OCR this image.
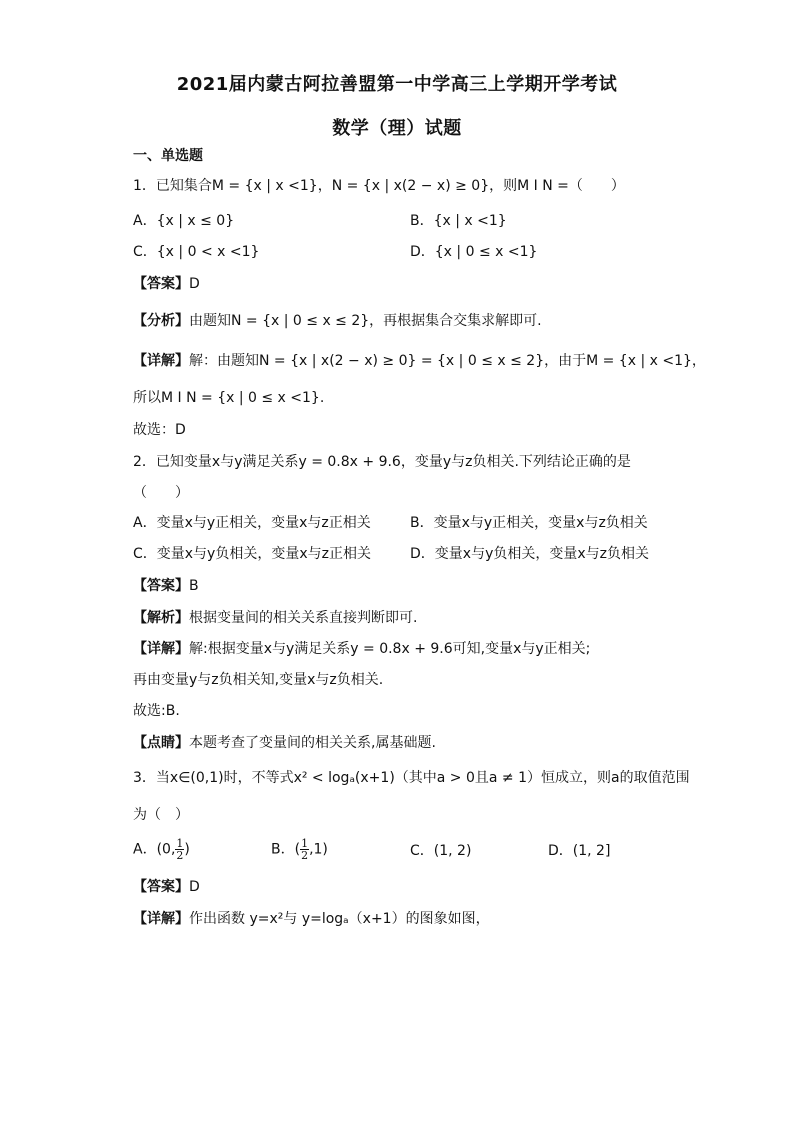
2021届内蒙古阿拉善盟第一中学高三上学期开学考试
数学（理）试题
一、单选题
1．已知集合M = {x | x <1}，N = {x | x(2 − x) ≥ 0}，则M I N =（　　）
A．{x | x ≤ 0}	B．{x | x <1}
C．{x | 0 < x <1}	D．{x | 0 ≤ x <1}
【答案】D
【分析】由题知N = {x | 0 ≤ x ≤ 2}，再根据集合交集求解即可.
【详解】解：由题知N = {x | x(2 − x) ≥ 0} = {x | 0 ≤ x ≤ 2}，由于M = {x | x <1}，
所以M I N = {x | 0 ≤ x <1}.
故选：D
2．已知变量x与y满足关系y = 0.8x + 9.6，变量y与z负相关.下列结论正确的是
（　　）
A．变量x与y正相关，变量x与z正相关	B．变量x与y正相关，变量x与z负相关
C．变量x与y负相关，变量x与z正相关	D．变量x与y负相关，变量x与z负相关
【答案】B
【解析】根据变量间的相关关系直接判断即可.
【详解】解:根据变量x与y满足关系y = 0.8x + 9.6可知,变量x与y正相关;
再由变量y与z负相关知,变量x与z负相关.
故选:B.
【点睛】本题考查了变量间的相关关系,属基础题.
3．当x∈(0,1)时，不等式x² < logₐ(x+1)（其中a > 0且a ≠ 1）恒成立，则a的取值范围
为（　）
A．(0, $\frac{1}{2}$ )	B．( $\frac{1}{2} ,1$)	C．(1, 2)	D．(1, 2]
【答案】D
【详解】作出函数 y=x²与 y=logₐ（x+1）的图象如图，
